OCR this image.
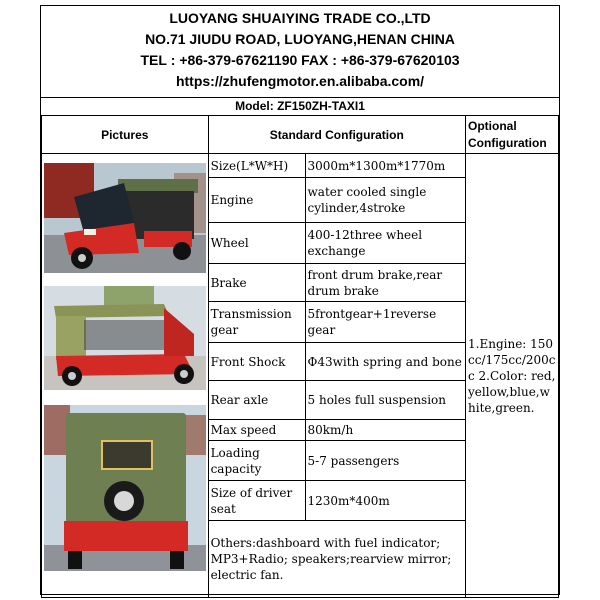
LUOYANG SHUAIYING TRADE CO.,LTD
NO.71 JIUDU ROAD, LUOYANG,HENAN CHINA
TEL : +86-379-67621190 FAX : +86-379-67620103
https://zhufengmotor.en.alibaba.com/
Model: ZF150ZH-TAXI1
Pictures	Standard Configuration		Optional Configuration

	Size(L*W*H)	3000m*1300m*1770m	1.Engine: 150cc/175cc/200cc 2.Color: red,yellow,blue,white,green.
	Engine	water cooled single cylinder,4stroke	
	Wheel	400-12three wheel exchange	
	Brake	front drum brake,rear drum brake	
	Transmission gear	5frontgear+1reverse gear	
	Front Shock	Φ43with spring and bone	
	Rear axle	5 holes full suspension	
	Max speed	80km/h	
	Loading capacity	5-7 passengers	
	Size of driver seat	1230m*400m	
	Others:dashboard with fuel indicator; MP3+Radio; speakers;rearview mirror; electric fan.		
